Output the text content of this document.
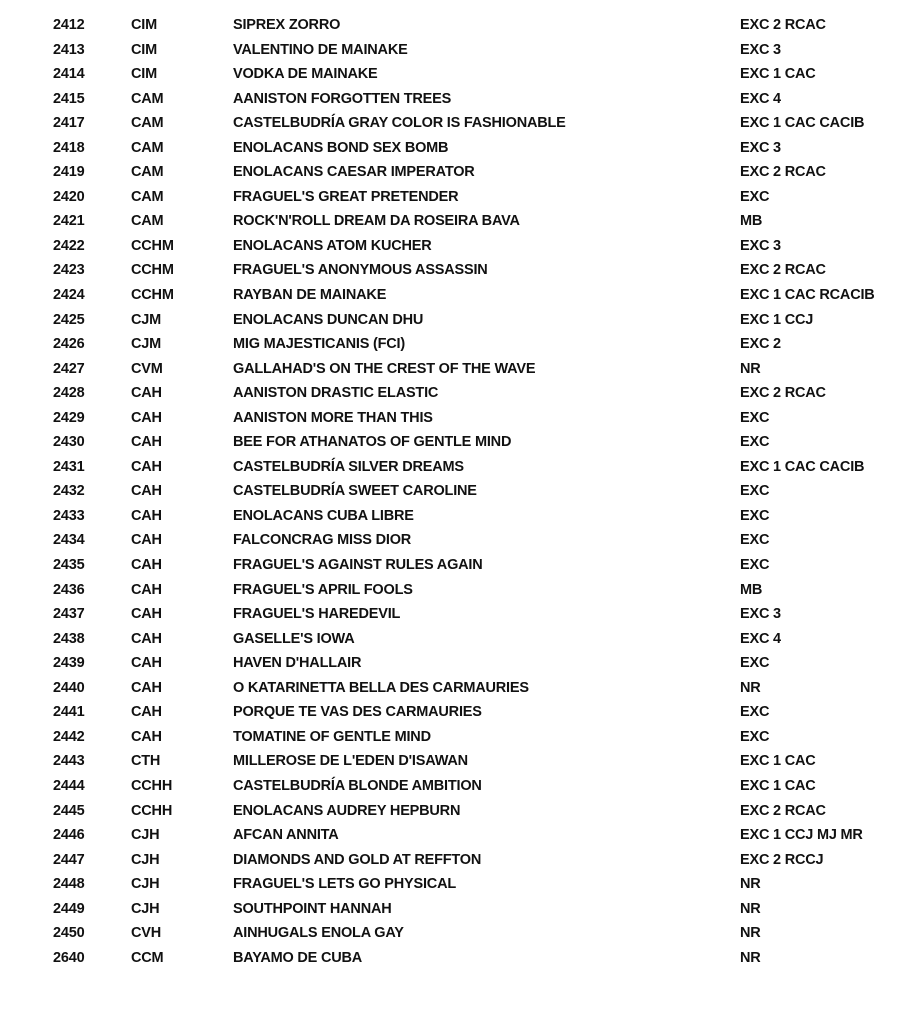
2412	CIM	SIPREX ZORRO	EXC 2 RCAC
2413	CIM	VALENTINO DE MAINAKE	EXC 3
2414	CIM	VODKA DE MAINAKE	EXC 1 CAC
2415	CAM	AANISTON FORGOTTEN TREES	EXC 4
2417	CAM	CASTELBUDRÍA GRAY COLOR IS FASHIONABLE	EXC 1 CAC CACIB
2418	CAM	ENOLACANS BOND SEX BOMB	EXC 3
2419	CAM	ENOLACANS CAESAR IMPERATOR	EXC 2 RCAC
2420	CAM	FRAGUEL'S GREAT PRETENDER	EXC
2421	CAM	ROCK'N'ROLL DREAM DA ROSEIRA BAVA	MB
2422	CCHM	ENOLACANS ATOM KUCHER	EXC 3
2423	CCHM	FRAGUEL'S ANONYMOUS ASSASSIN	EXC 2 RCAC
2424	CCHM	RAYBAN DE MAINAKE	EXC 1 CAC RCACIB
2425	CJM	ENOLACANS DUNCAN DHU	EXC 1 CCJ
2426	CJM	MIG MAJESTICANIS (FCI)	EXC 2
2427	CVM	GALLAHAD'S ON THE CREST OF THE WAVE	NR
2428	CAH	AANISTON DRASTIC ELASTIC	EXC 2 RCAC
2429	CAH	AANISTON MORE THAN THIS	EXC
2430	CAH	BEE FOR ATHANATOS OF GENTLE MIND	EXC
2431	CAH	CASTELBUDRÍA SILVER DREAMS	EXC 1 CAC CACIB
2432	CAH	CASTELBUDRÍA SWEET CAROLINE	EXC
2433	CAH	ENOLACANS CUBA LIBRE	EXC
2434	CAH	FALCONCRAG MISS DIOR	EXC
2435	CAH	FRAGUEL'S AGAINST RULES AGAIN	EXC
2436	CAH	FRAGUEL'S APRIL FOOLS	MB
2437	CAH	FRAGUEL'S HAREDEVIL	EXC 3
2438	CAH	GASELLE'S IOWA	EXC 4
2439	CAH	HAVEN D'HALLAIR	EXC
2440	CAH	O KATARINETTA BELLA DES CARMAURIES	NR
2441	CAH	PORQUE TE VAS DES CARMAURIES	EXC
2442	CAH	TOMATINE OF GENTLE MIND	EXC
2443	CTH	MILLEROSE DE L'EDEN D'ISAWAN	EXC 1 CAC
2444	CCHH	CASTELBUDRÍA BLONDE AMBITION	EXC 1 CAC
2445	CCHH	ENOLACANS AUDREY HEPBURN	EXC 2 RCAC
2446	CJH	AFCAN ANNITA	EXC 1 CCJ MJ MR
2447	CJH	DIAMONDS AND GOLD AT REFFTON	EXC 2 RCCJ
2448	CJH	FRAGUEL'S LETS GO PHYSICAL	NR
2449	CJH	SOUTHPOINT HANNAH	NR
2450	CVH	AINHUGALS ENOLA GAY	NR
2640	CCM	BAYAMO DE CUBA	NR
